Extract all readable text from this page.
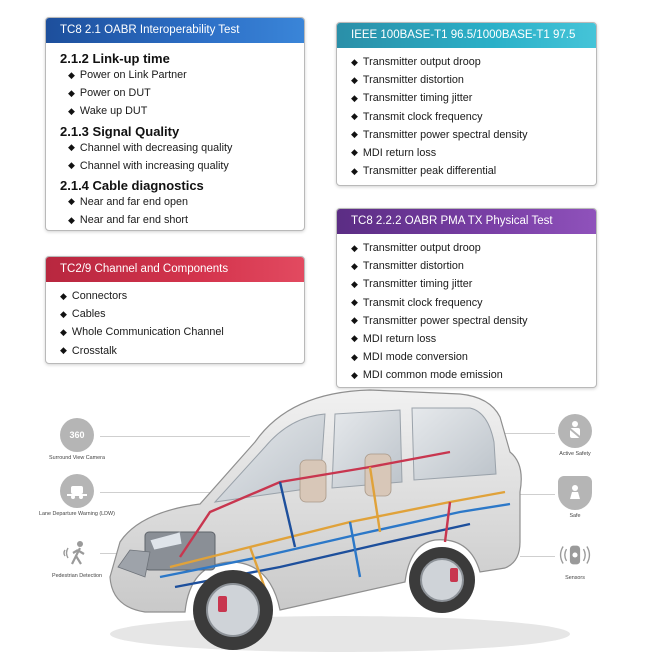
TC8 2.1 OABR Interoperability Test
2.1.2 Link-up time
◆ Power on Link Partner
◆ Power on DUT
◆ Wake up DUT
2.1.3 Signal Quality
◆ Channel with decreasing quality
◆ Channel with increasing quality
2.1.4 Cable diagnostics
◆ Near and far end open
◆ Near and far end short
IEEE 100BASE-T1 96.5/1000BASE-T1 97.5
◆ Transmitter output droop
◆ Transmitter distortion
◆ Transmitter timing jitter
◆ Transmit clock frequency
◆ Transmitter power spectral density
◆ MDI return loss
◆ Transmitter peak differential
TC2/9 Channel and Components
◆ Connectors
◆ Cables
◆ Whole Communication Channel
◆ Crosstalk
TC8 2.2.2 OABR PMA TX Physical Test
◆ Transmitter output droop
◆ Transmitter distortion
◆ Transmitter timing jitter
◆ Transmit clock frequency
◆ Transmitter power spectral density
◆ MDI return loss
◆ MDI mode conversion
◆ MDI common mode emission
360
Surround View Camera
Lane Departure Warning (LDW)
Pedestrian Detection
Active Safety
Safe
Sensors
